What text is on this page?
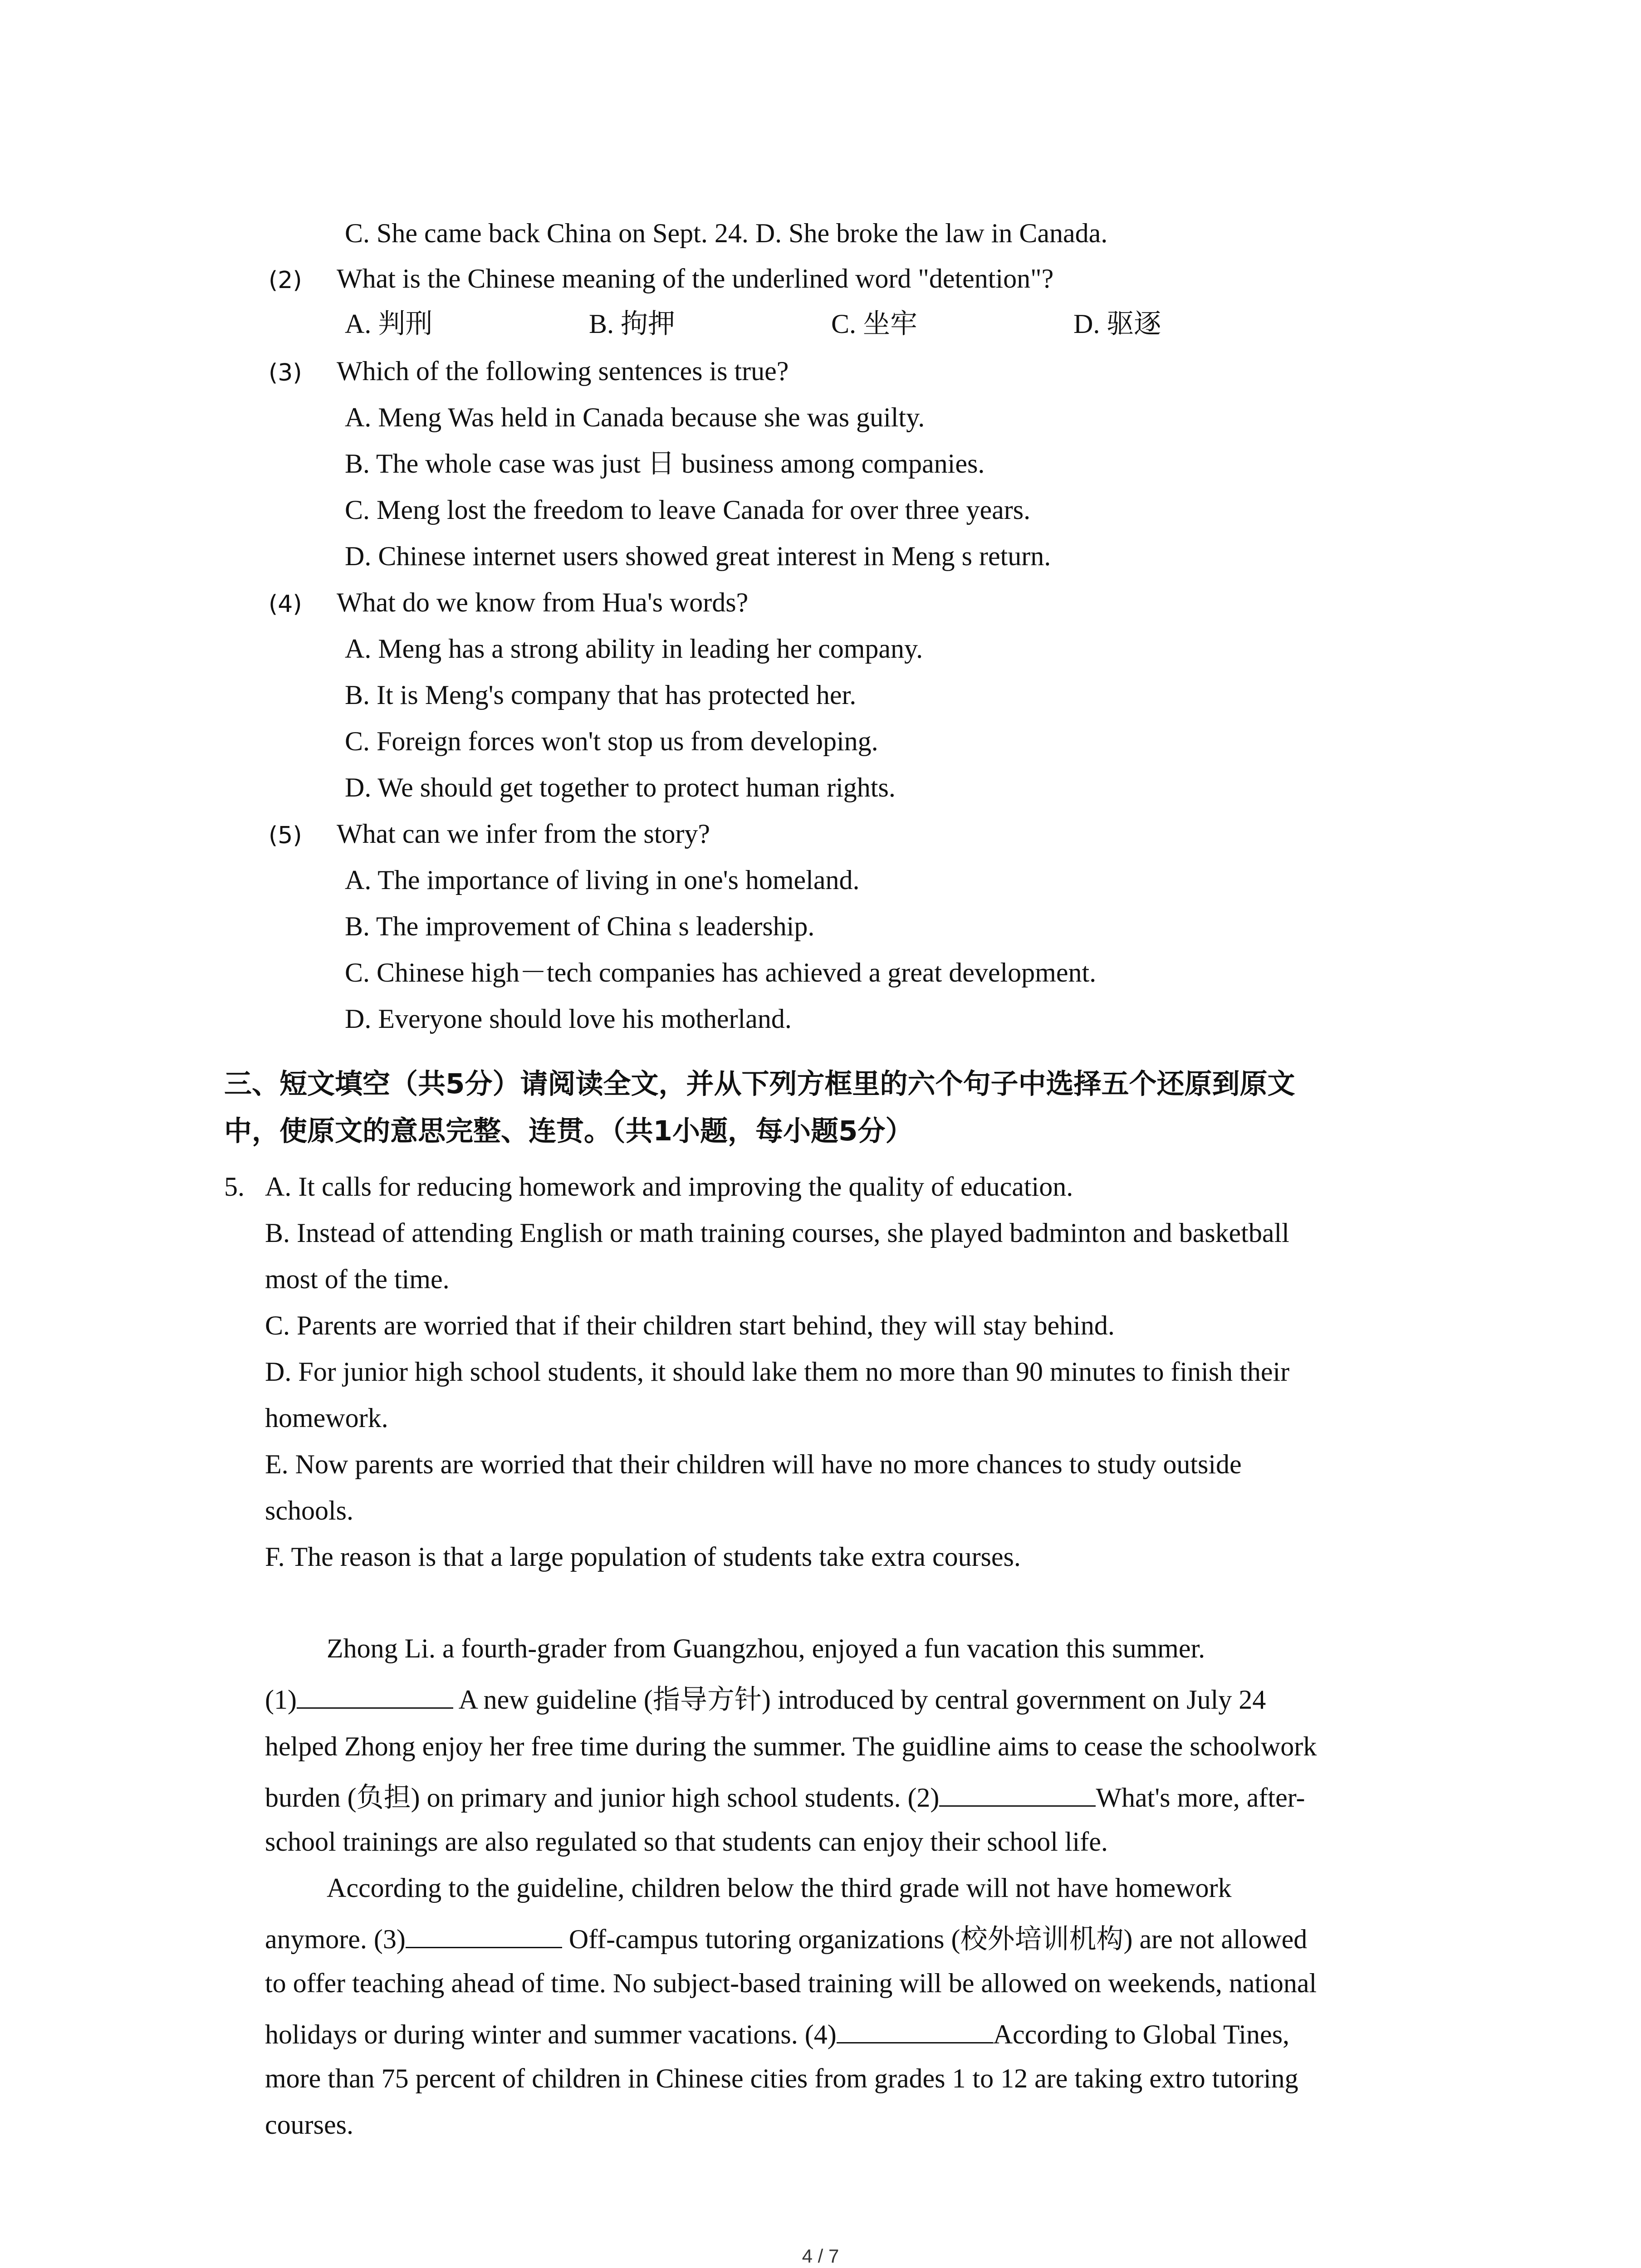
C. She came back China on Sept. 24. D. She broke the law in Canada.
(2) What is the Chinese meaning of the underlined word "detention"?
A. 判刑	B. 拘押	C. 坐牢	D. 驱逐
(3) Which of the following sentences is true?
A. Meng Was held in Canada because she was guilty.
B. The whole case was just 日 business among companies.
C. Meng lost the freedom to leave Canada for over three years.
D. Chinese internet users showed great interest in Meng s return.
(4) What do we know from Hua's words?
A. Meng has a strong ability in leading her company.
B. It is Meng's company that has protected her.
C. Foreign forces won't stop us from developing.
D. We should get together to protect human rights.
(5) What can we infer from the story?
A. The importance of living in one's homeland.
B. The improvement of China s leadership.
C. Chinese high－tech companies has achieved a great development.
D. Everyone should love his motherland.
三、短文填空（共5分）请阅读全文，并从下列方框里的六个句子中选择五个还原到原文
中，使原文的意思完整、连贯。（共1小题，每小题5分）
5. A. It calls for reducing homework and improving the quality of education.
B. Instead of attending English or math training courses, she played badminton and basketball
most of the time.
C. Parents are worried that if their children start behind, they will stay behind.
D. For junior high school students, it should lake them no more than 90 minutes to finish their
homework.
E. Now parents are worried that their children will have no more chances to study outside
schools.
F. The reason is that a large population of students take extra courses.
Zhong Li. a fourth-grader from Guangzhou, enjoyed a fun vacation this summer.
(1)	A new guideline (指导方针) introduced by central government on July 24
helped Zhong enjoy her free time during the summer. The guidline aims to cease the schoolwork
burden (负担) on primary and junior high school students. (2)	What's more, after-
school trainings are also regulated so that students can enjoy their school life.
According to the guideline, children below the third grade will not have homework
anymore. (3)	Off-campus tutoring organizations (校外培训机构) are not allowed
to offer teaching ahead of time. No subject-based training will be allowed on weekends, national
holidays or during winter and summer vacations. (4)	According to Global Tines,
more than 75 percent of children in Chinese cities from grades 1 to 12 are taking extro tutoring
courses.
4 / 7
